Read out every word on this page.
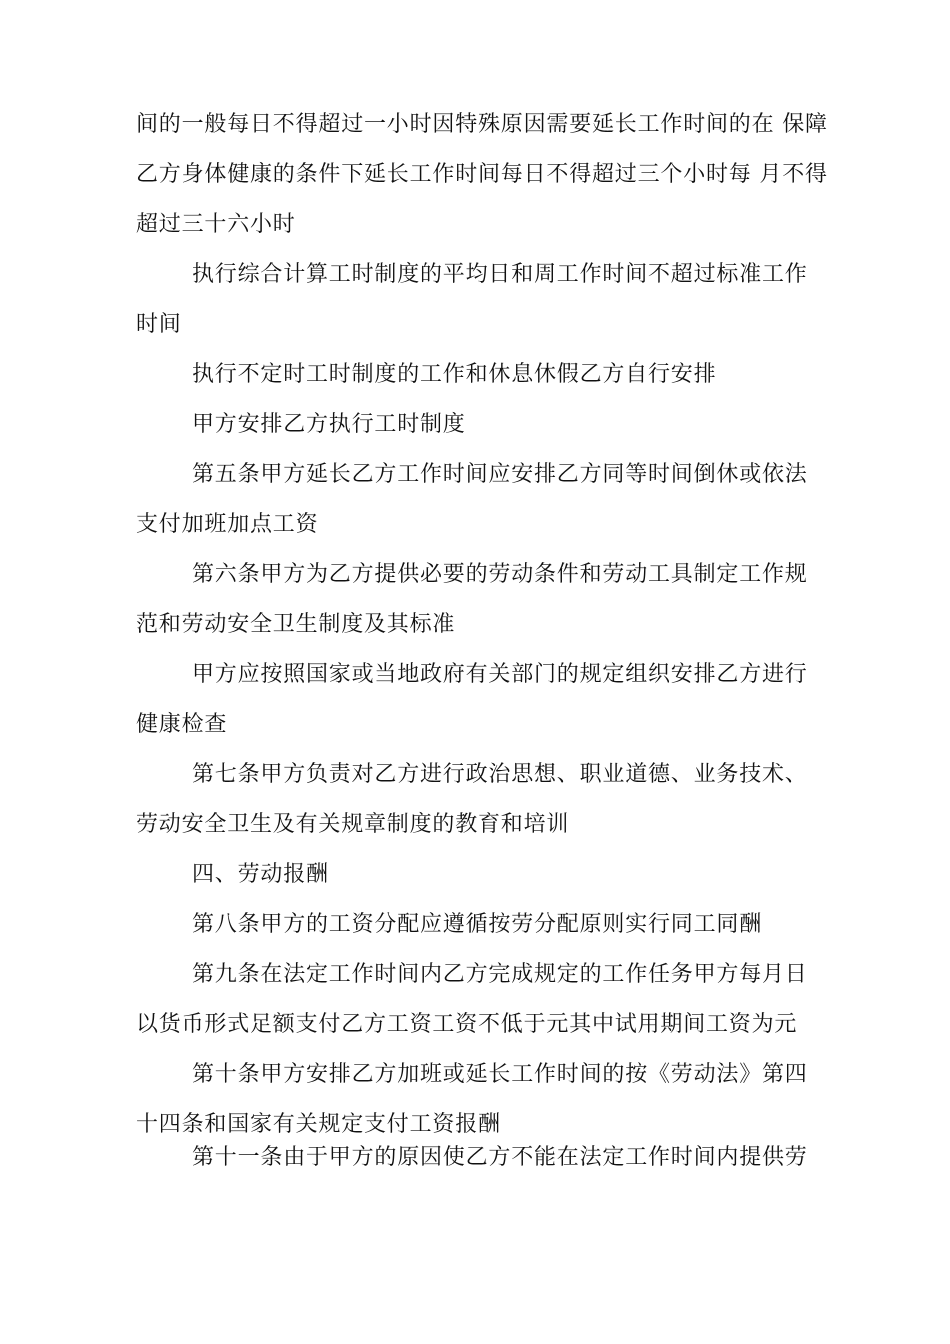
间的一般每日不得超过一小时因特殊原因需要延长工作时间的在 保障
乙方身体健康的条件下延长工作时间每日不得超过三个小时每 月不得
超过三十六小时
执行综合计算工时制度的平均日和周工作时间不超过标准工作
时间
执行不定时工时制度的工作和休息休假乙方自行安排
甲方安排乙方执行工时制度
第五条甲方延长乙方工作时间应安排乙方同等时间倒休或依法
支付加班加点工资
第六条甲方为乙方提供必要的劳动条件和劳动工具制定工作规
范和劳动安全卫生制度及其标准
甲方应按照国家或当地政府有关部门的规定组织安排乙方进行
健康检查
第七条甲方负责对乙方进行政治思想、职业道德、业务技术、
劳动安全卫生及有关规章制度的教育和培训
四、劳动报酬
第八条甲方的工资分配应遵循按劳分配原则实行同工同酬
第九条在法定工作时间内乙方完成规定的工作任务甲方每月日
以货币形式足额支付乙方工资工资不低于元其中试用期间工资为元
第十条甲方安排乙方加班或延长工作时间的按《劳动法》第四
十四条和国家有关规定支付工资报酬
第十一条由于甲方的原因使乙方不能在法定工作时间内提供劳
